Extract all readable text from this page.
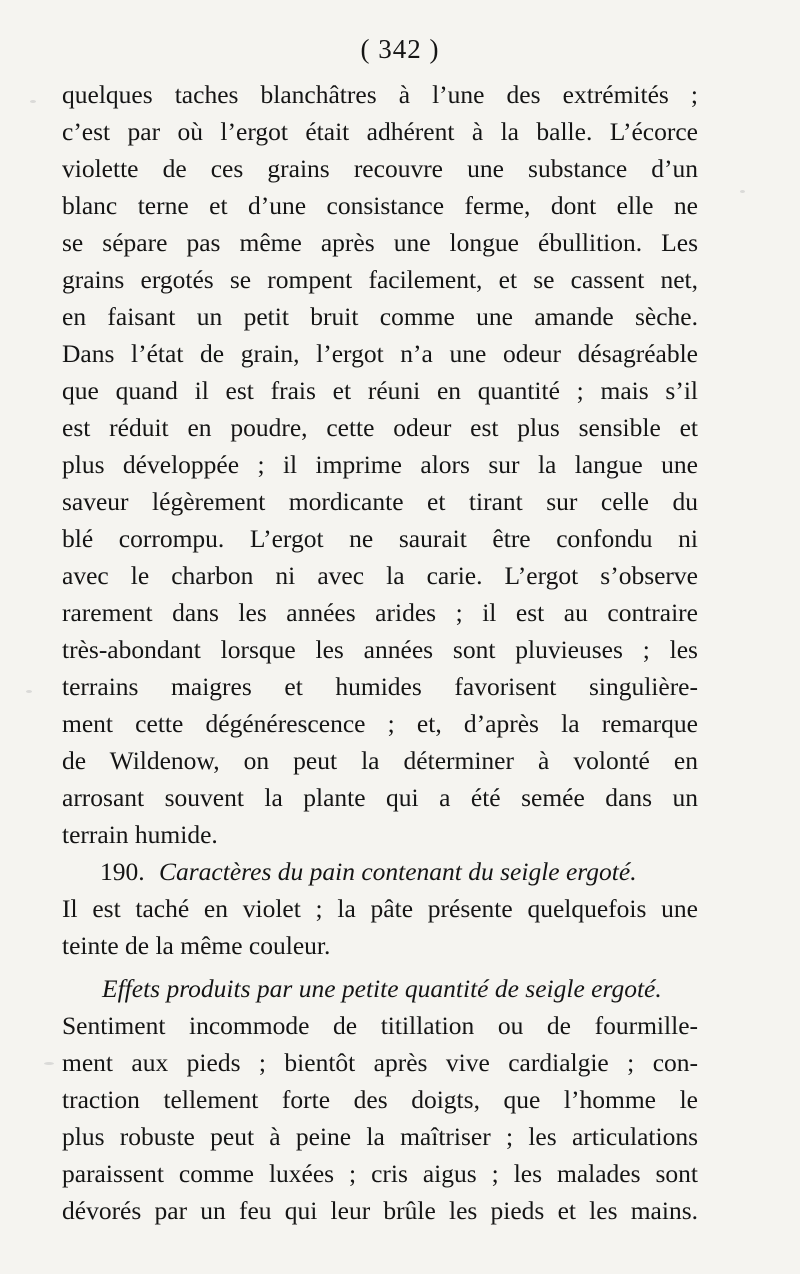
( 342 )
quelques taches blanchâtres à l’une des extrémités ;
c’est par où l’ergot était adhérent à la balle. L’écorce
violette de ces grains recouvre une substance d’un
blanc terne et d’une consistance ferme, dont elle ne
se sépare pas même après une longue ébullition. Les
grains ergotés se rompent facilement, et se cassent net,
en faisant un petit bruit comme une amande sèche.
Dans l’état de grain, l’ergot n’a une odeur désagréable
que quand il est frais et réuni en quantité ; mais s’il
est réduit en poudre, cette odeur est plus sensible et
plus développée ; il imprime alors sur la langue une
saveur légèrement mordicante et tirant sur celle du
blé corrompu. L’ergot ne saurait être confondu ni
avec le charbon ni avec la carie. L’ergot s’observe
rarement dans les années arides ; il est au contraire
très-abondant lorsque les années sont pluvieuses ; les
terrains maigres et humides favorisent singulière-
ment cette dégénérescence ; et, d’après la remarque
de Wildenow, on peut la déterminer à volonté en
arrosant souvent la plante qui a été semée dans un
terrain humide.
190. Caractères du pain contenant du seigle ergoté.
Il est taché en violet ; la pâte présente quelquefois une
teinte de la même couleur.
Effets produits par une petite quantité de seigle ergoté.
Sentiment incommode de titillation ou de fourmille-
ment aux pieds ; bientôt après vive cardialgie ; con-
traction tellement forte des doigts, que l’homme le
plus robuste peut à peine la maîtriser ; les articulations
paraissent comme luxées ; cris aigus ; les malades sont
dévorés par un feu qui leur brûle les pieds et les mains.
